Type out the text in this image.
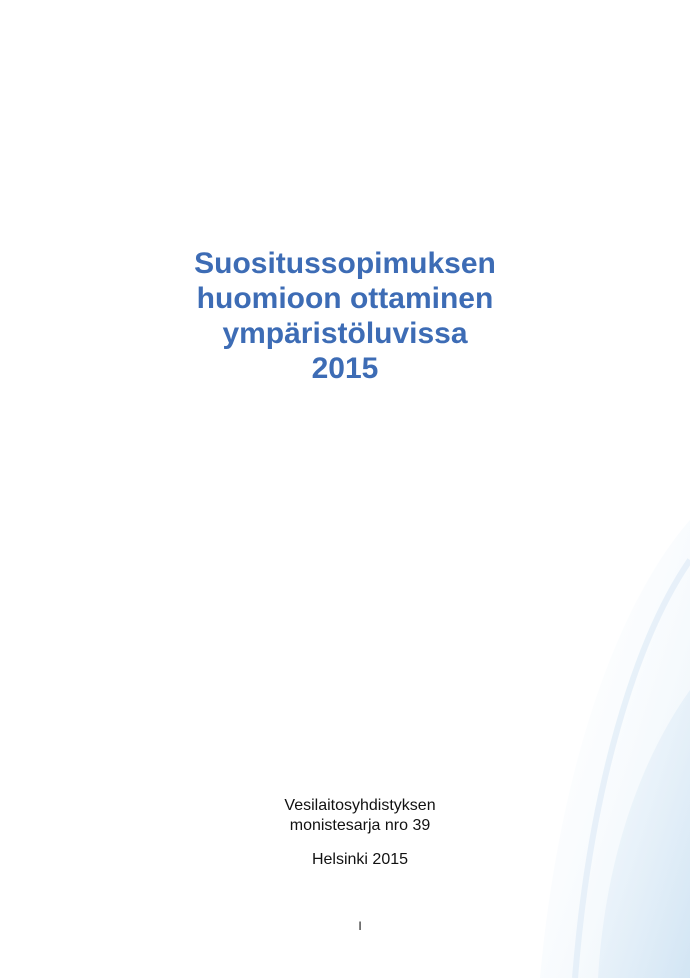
Suositussopimuksen
huomioon ottaminen
ympäristöluvissa
2015
Vesilaitosyhdistyksen
monistesarja nro 39
Helsinki 2015
I
